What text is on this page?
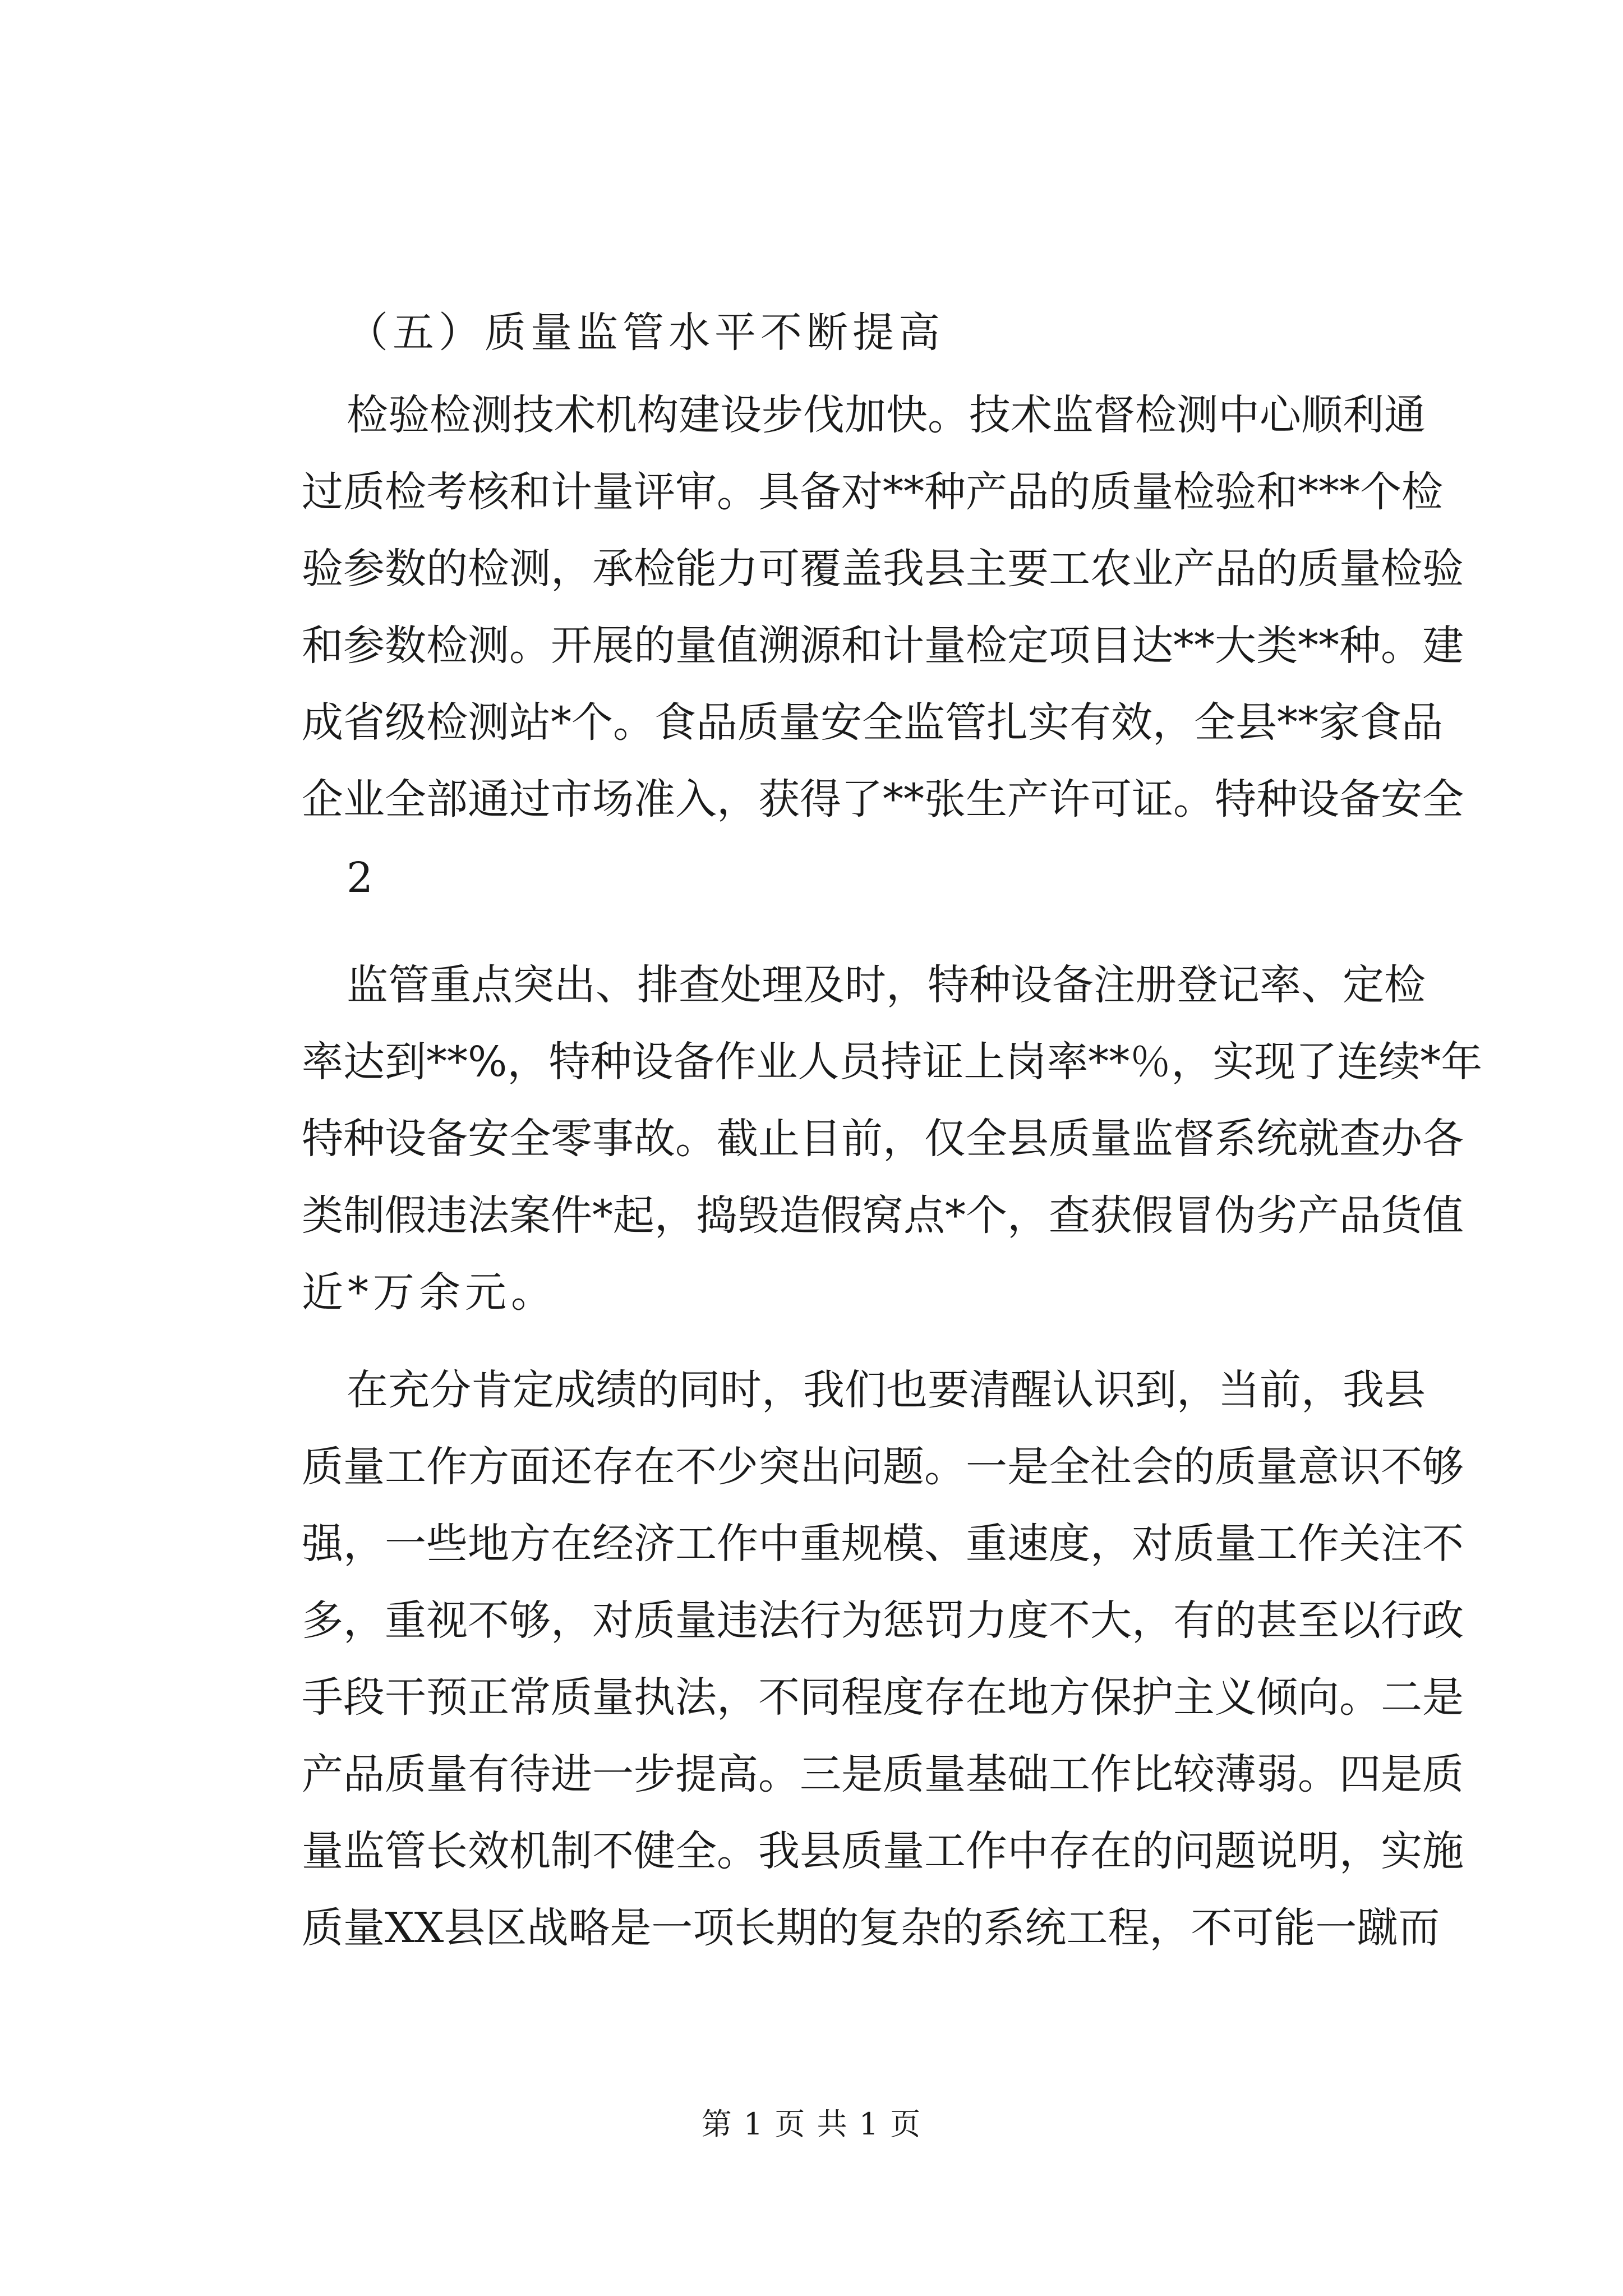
（五）质量监管水平不断提高
检验检测技术机构建设步伐加快。技术监督检测中心顺利通
过质检考核和计量评审。具备对**种产品的质量检验和***个检
验参数的检测，承检能力可覆盖我县主要工农业产品的质量检验
和参数检测。开展的量值溯源和计量检定项目达**大类**种。建
成省级检测站*个。食品质量安全监管扎实有效，全县**家食品
企业全部通过市场准入，获得了**张生产许可证。特种设备安全
2
监管重点突出、排查处理及时，特种设备注册登记率、定检
率达到**%，特种设备作业人员持证上岗率**％，实现了连续*年
特种设备安全零事故。截止目前，仅全县质量监督系统就查办各
类制假违法案件*起，捣毁造假窝点*个，查获假冒伪劣产品货值
近*万余元。
在充分肯定成绩的同时，我们也要清醒认识到，当前，我县
质量工作方面还存在不少突出问题。一是全社会的质量意识不够
强，一些地方在经济工作中重规模、重速度，对质量工作关注不
多，重视不够，对质量违法行为惩罚力度不大，有的甚至以行政
手段干预正常质量执法，不同程度存在地方保护主义倾向。二是
产品质量有待进一步提高。三是质量基础工作比较薄弱。四是质
量监管长效机制不健全。我县质量工作中存在的问题说明，实施
质量XX县区战略是一项长期的复杂的系统工程，不可能一蹴而
第 1 页 共 1 页
